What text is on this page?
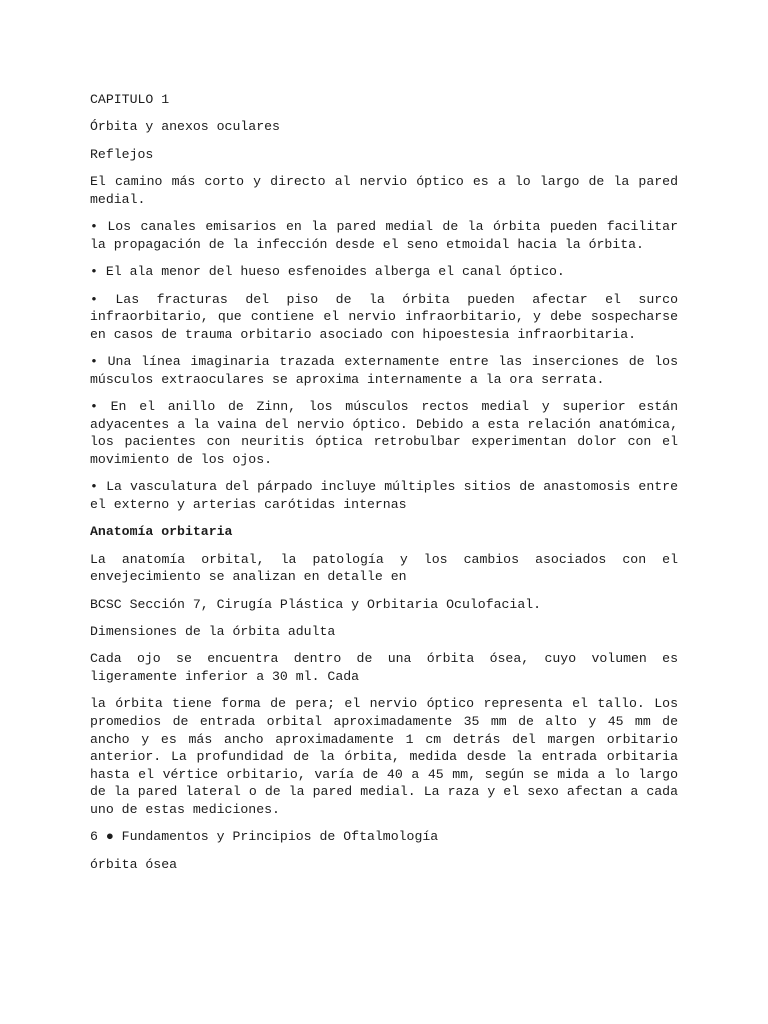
CAPITULO 1

Órbita y anexos oculares

Reflejos

El camino más corto y directo al nervio óptico es a lo largo de la pared medial.

• Los canales emisarios en la pared medial de la órbita pueden facilitar la propagación de la infección desde el seno etmoidal hacia la órbita.

• El ala menor del hueso esfenoides alberga el canal óptico.

• Las fracturas del piso de la órbita pueden afectar el surco infraorbitario, que contiene el nervio infraorbitario, y debe sospecharse en casos de trauma orbitario asociado con hipoestesia infraorbitaria.

• Una línea imaginaria trazada externamente entre las inserciones de los músculos extraoculares se aproxima internamente a la ora serrata.

• En el anillo de Zinn, los músculos rectos medial y superior están adyacentes a la vaina del nervio óptico. Debido a esta relación anatómica, los pacientes con neuritis óptica retrobulbar experimentan dolor con el movimiento de los ojos.

• La vasculatura del párpado incluye múltiples sitios de anastomosis entre el externo y arterias carótidas internas

Anatomía orbitaria

La anatomía orbital, la patología y los cambios asociados con el envejecimiento se analizan en detalle en

BCSC Sección 7, Cirugía Plástica y Orbitaria Oculofacial.

Dimensiones de la órbita adulta

Cada ojo se encuentra dentro de una órbita ósea, cuyo volumen es ligeramente inferior a 30 ml. Cada

la órbita tiene forma de pera; el nervio óptico representa el tallo. Los promedios de entrada orbital aproximadamente 35 mm de alto y 45 mm de ancho y es más ancho aproximadamente 1 cm detrás del margen orbitario anterior. La profundidad de la órbita, medida desde la entrada orbitaria hasta el vértice orbitario, varía de 40 a 45 mm, según se mida a lo largo de la pared lateral o de la pared medial. La raza y el sexo afectan a cada uno de estas mediciones.

6 ● Fundamentos y Principios de Oftalmología

órbita ósea
